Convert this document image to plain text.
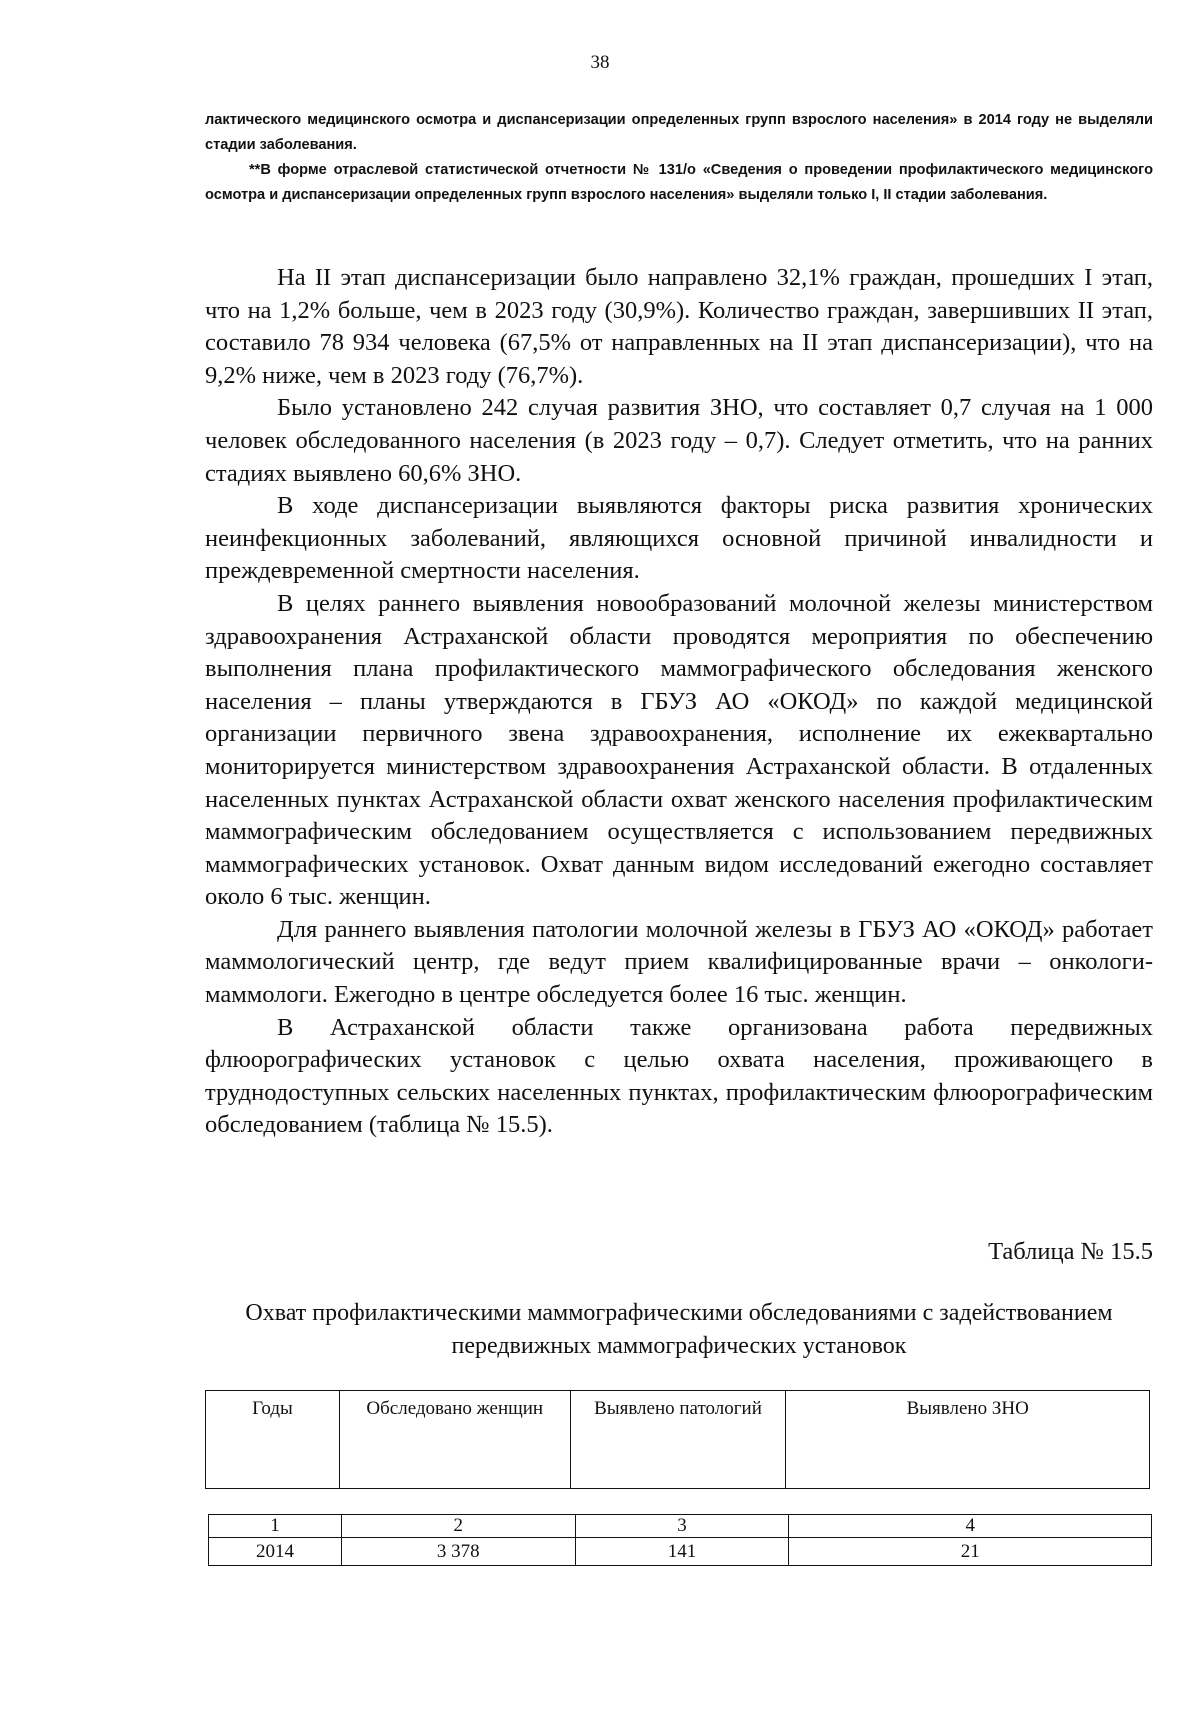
38

лактического медицинского осмотра и диспансеризации определенных групп взрослого населения» в 2014 году не выделяли стадии заболевания.

**В форме отраслевой статистической отчетности № 131/о «Сведения о проведении профилактического медицинского осмотра и диспансеризации определенных групп взрослого населения» выделяли только I, II стадии заболевания.

На II этап диспансеризации было направлено 32,1% граждан, прошедших I этап, что на 1,2% больше, чем в 2023 году (30,9%). Количество граждан, завершивших II этап, составило 78 934 человека (67,5% от направленных на II этап диспансеризации), что на 9,2% ниже, чем в 2023 году (76,7%).

Было установлено 242 случая развития ЗНО, что составляет 0,7 случая на 1 000 человек обследованного населения (в 2023 году – 0,7). Следует отметить, что на ранних стадиях выявлено 60,6% ЗНО.

В ходе диспансеризации выявляются факторы риска развития хронических неинфекционных заболеваний, являющихся основной причиной инвалидности и преждевременной смертности населения.

В целях раннего выявления новообразований молочной железы министерством здравоохранения Астраханской области проводятся мероприятия по обеспечению выполнения плана профилактического маммографического обследования женского населения – планы утверждаются в ГБУЗ АО «ОКОД» по каждой медицинской организации первичного звена здравоохранения, исполнение их ежеквартально мониторируется министерством здравоохранения Астраханской области. В отдаленных населенных пунктах Астраханской области охват женского населения профилактическим маммографическим обследованием осуществляется с использованием передвижных маммографических установок. Охват данным видом исследований ежегодно составляет около 6 тыс. женщин.

Для раннего выявления патологии молочной железы в ГБУЗ АО «ОКОД» работает маммологический центр, где ведут прием квалифицированные врачи – онкологи-маммологи. Ежегодно в центре обследуется более 16 тыс. женщин.

В Астраханской области также организована работа передвижных флюорографических установок с целью охвата населения, проживающего в труднодоступных сельских населенных пунктах, профилактическим флюорографическим обследованием (таблица № 15.5).

Таблица № 15.5
Охват профилактическими маммографическими обследованиями с задействованием передвижных маммографических установок
Годы	Обследовано женщин	Выявлено патологий	Выявлено ЗНО
1	2	3	4
2014	3 378	141	21
